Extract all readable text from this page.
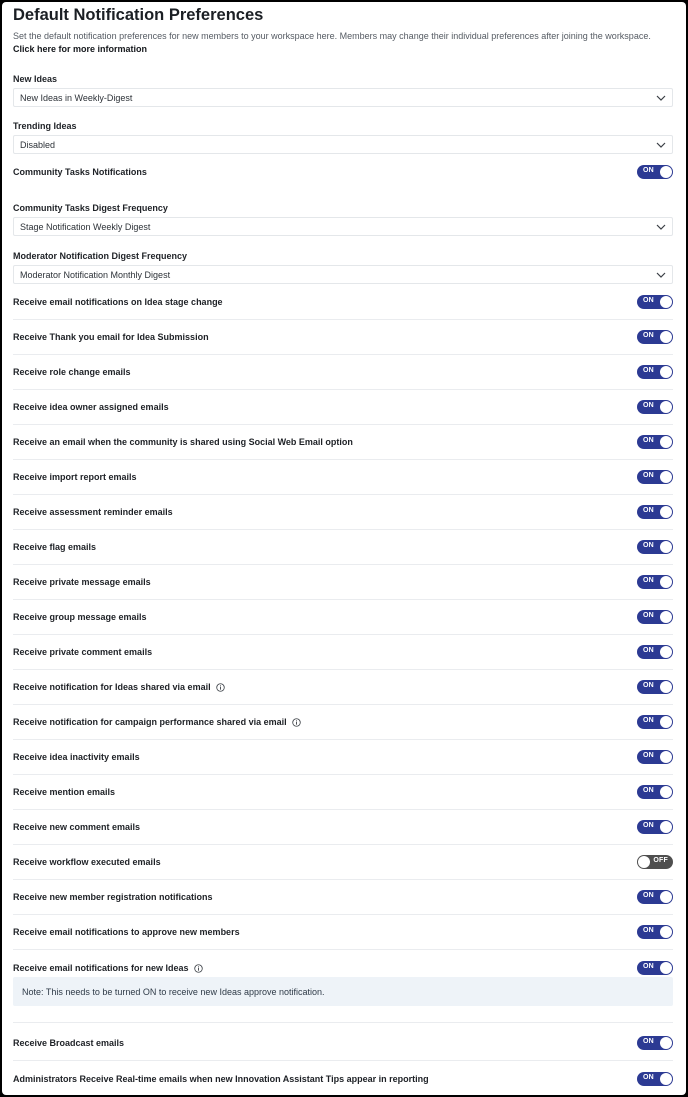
Default Notification Preferences
Set the default notification preferences for new members to your workspace here. Members may change their individual preferences after joining the workspace. Click here for more information
New Ideas
New Ideas in Weekly-Digest
Trending Ideas
Disabled
Community Tasks Notifications	ON
Community Tasks Digest Frequency
Stage Notification Weekly Digest
Moderator Notification Digest Frequency
Moderator Notification Monthly Digest
Receive email notifications on Idea stage change	ON
Receive Thank you email for Idea Submission	ON
Receive role change emails	ON
Receive idea owner assigned emails	ON
Receive an email when the community is shared using Social Web Email option	ON
Receive import report emails	ON
Receive assessment reminder emails	ON
Receive flag emails	ON
Receive private message emails	ON
Receive group message emails	ON
Receive private comment emails	ON
Receive notification for Ideas shared via email	ON
Receive notification for campaign performance shared via email	ON
Receive idea inactivity emails	ON
Receive mention emails	ON
Receive new comment emails	ON
Receive workflow executed emails	OFF
Receive new member registration notifications	ON
Receive email notifications to approve new members	ON
Receive email notifications for new Ideas	ON
Note: This needs to be turned ON to receive new Ideas approve notification.
Receive Broadcast emails	ON
Administrators Receive Real-time emails when new Innovation Assistant Tips appear in reporting	ON
